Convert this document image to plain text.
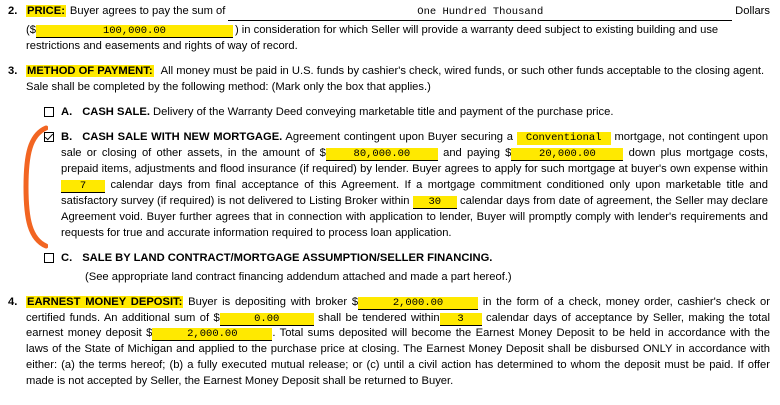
2. PRICE: Buyer agrees to pay the sum of	One Hundred Thousand	Dollars
($	100,000.00	) in consideration for which Seller will provide a warranty deed subject to existing building and use
restrictions and easements and rights of way of record.
3. METHOD OF PAYMENT: All money must be paid in U.S. funds by cashier's check, wired funds, or such other funds acceptable to the closing agent. Sale shall be completed by the following method: (Mark only the box that applies.)
A. CASH SALE. Delivery of the Warranty Deed conveying marketable title and payment of the purchase price.
B. CASH SALE WITH NEW MORTGAGE. Agreement contingent upon Buyer securing a Conventional mortgage, not contingent upon sale or closing of other assets, in the amount of $	80,000.00	and paying $	20,000.00	down plus mortgage costs, prepaid items, adjustments and flood insurance (if required) by lender. Buyer agrees to apply for such mortgage at buyer's own expense within 7 calendar days from final acceptance of this Agreement. If a mortgage commitment conditioned only upon marketable title and satisfactory survey (if required) is not delivered to Listing Broker within 30 calendar days from date of agreement, the Seller may declare Agreement void. Buyer further agrees that in connection with application to lender, Buyer will promptly comply with lender's requirements and requests for true and accurate information required to process loan application.
C. SALE BY LAND CONTRACT/MORTGAGE ASSUMPTION/SELLER FINANCING.
(See appropriate land contract financing addendum attached and made a part hereof.)
4. EARNEST MONEY DEPOSIT: Buyer is depositing with broker $	2,000.00	in the form of a check, money order, cashier's check or certified funds. An additional sum of $	0.00	shall be tendered within 3 calendar days of acceptance by Seller, making the total earnest money deposit $	2,000.00	. Total sums deposited will become the Earnest Money Deposit to be held in accordance with the laws of the State of Michigan and applied to the purchase price at closing. The Earnest Money Deposit shall be disbursed ONLY in accordance with either: (a) the terms hereof; (b) a fully executed mutual release; or (c) until a civil action has determined to whom the deposit must be paid. If offer made is not accepted by Seller, the Earnest Money Deposit shall be returned to Buyer.
